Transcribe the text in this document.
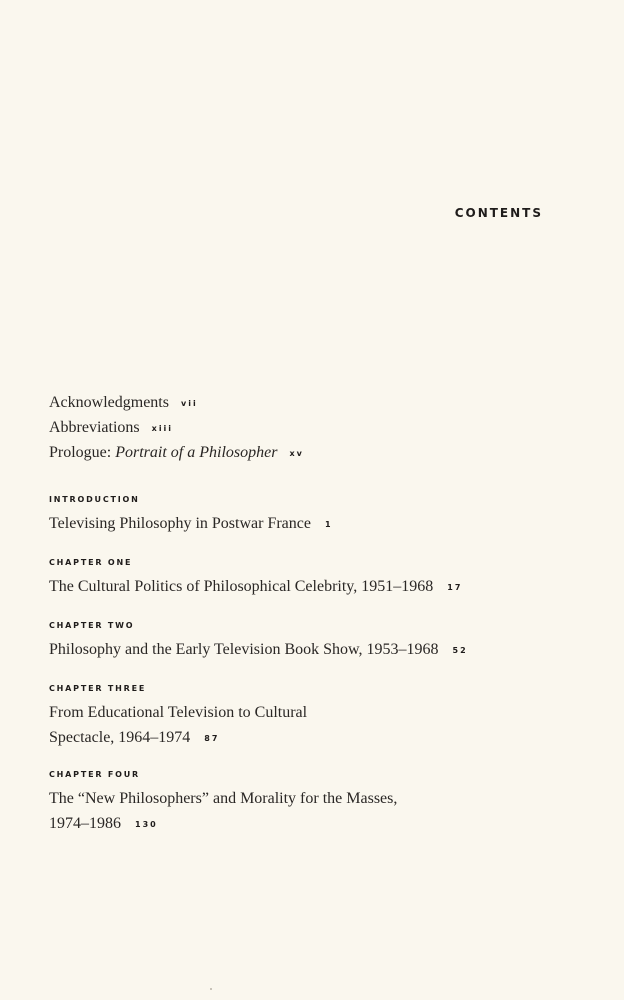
CONTENTS
Acknowledgments vii
Abbreviations xiii
Prologue: Portrait of a Philosopher xv
INTRODUCTION
Televising Philosophy in Postwar France 1
CHAPTER ONE
The Cultural Politics of Philosophical Celebrity, 1951–1968 17
CHAPTER TWO
Philosophy and the Early Television Book Show, 1953–1968 52
CHAPTER THREE
From Educational Television to Cultural
Spectacle, 1964–1974 87
CHAPTER FOUR
The “New Philosophers” and Morality for the Masses,
1974–1986 130
